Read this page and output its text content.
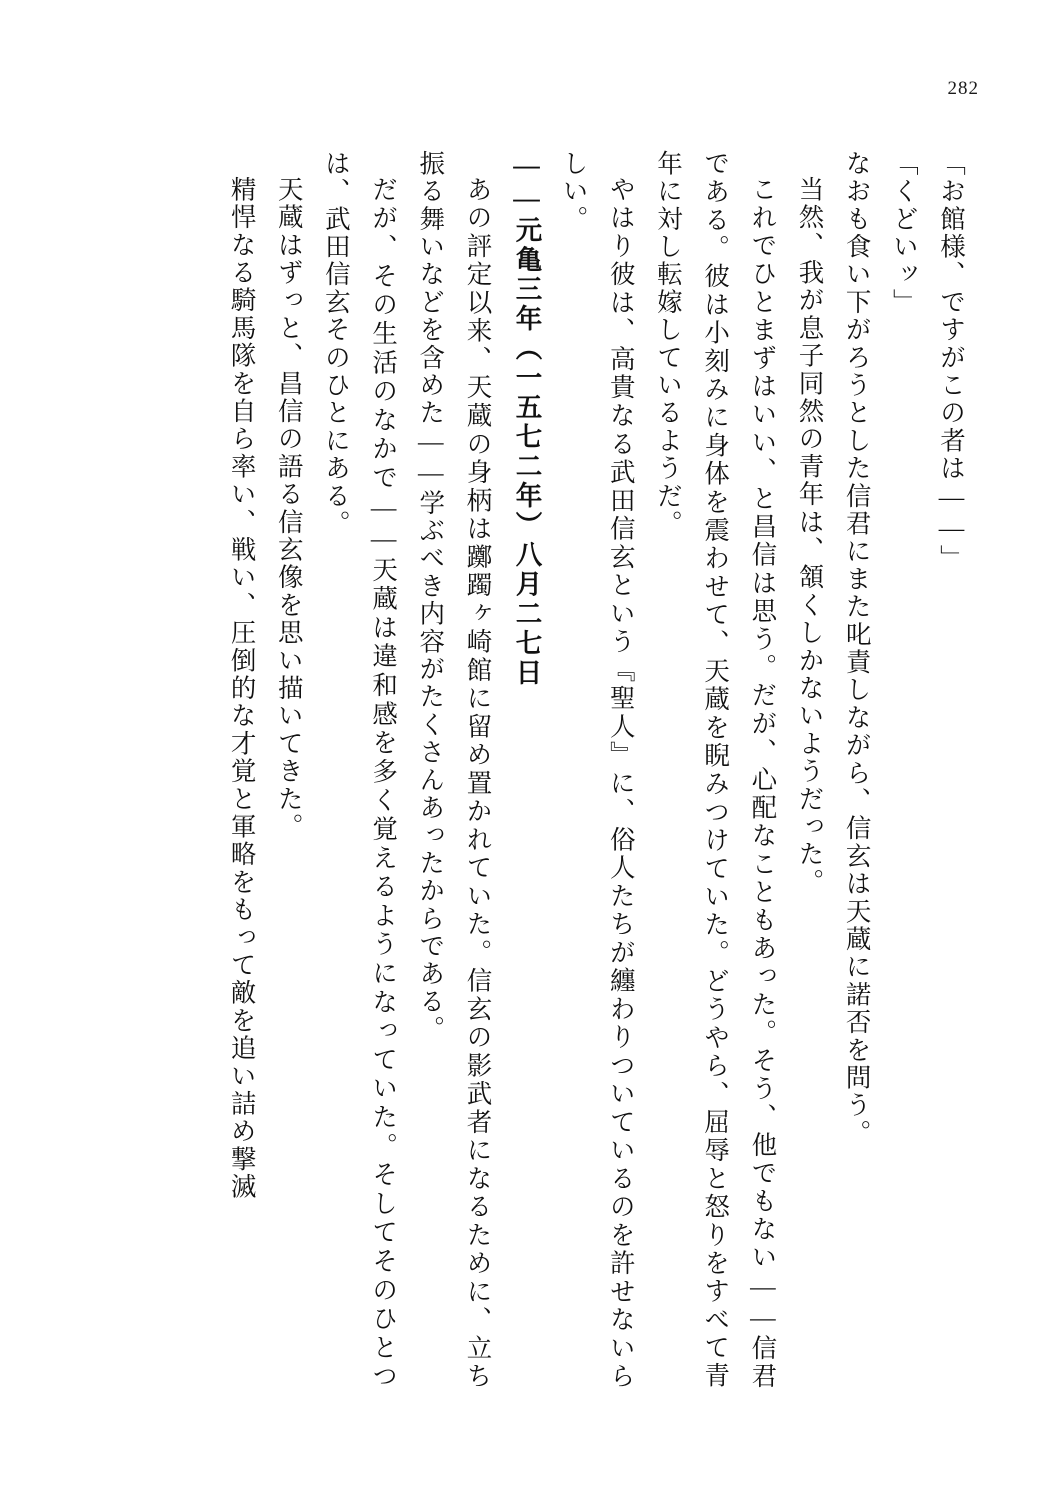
282

「お館様、ですがこの者は――」

「くどいッ」

なおも食い下がろうとした信君にまた叱責しながら、信玄は天蔵に諾否を問う。

当然、我が息子同然の青年は、頷くしかないようだった。

これでひとまずはいい、と昌信は思う。だが、心配なこともあった。そう、他でもない――信君である。彼は小刻みに身体を震わせて、天蔵を睨みつけていた。どうやら、屈辱と怒りをすべて青年に対し転嫁しているようだ。

やはり彼は、高貴なる武田信玄という『聖人』に、俗人たちが纏わりついているのを許せないらしい。

――元亀三年（一五七二年）八月二七日

あの評定以来、天蔵の身柄は躑躅ヶ崎館に留め置かれていた。信玄の影武者になるために、立ち振る舞いなどを含めた――学ぶべき内容がたくさんあったからである。

だが、その生活のなかで――天蔵は違和感を多く覚えるようになっていた。そしてそのひとつは、武田信玄そのひとにある。

天蔵はずっと、昌信の語る信玄像を思い描いてきた。

精悍なる騎馬隊を自ら率い、戦い、圧倒的な才覚と軍略をもって敵を追い詰め撃滅
